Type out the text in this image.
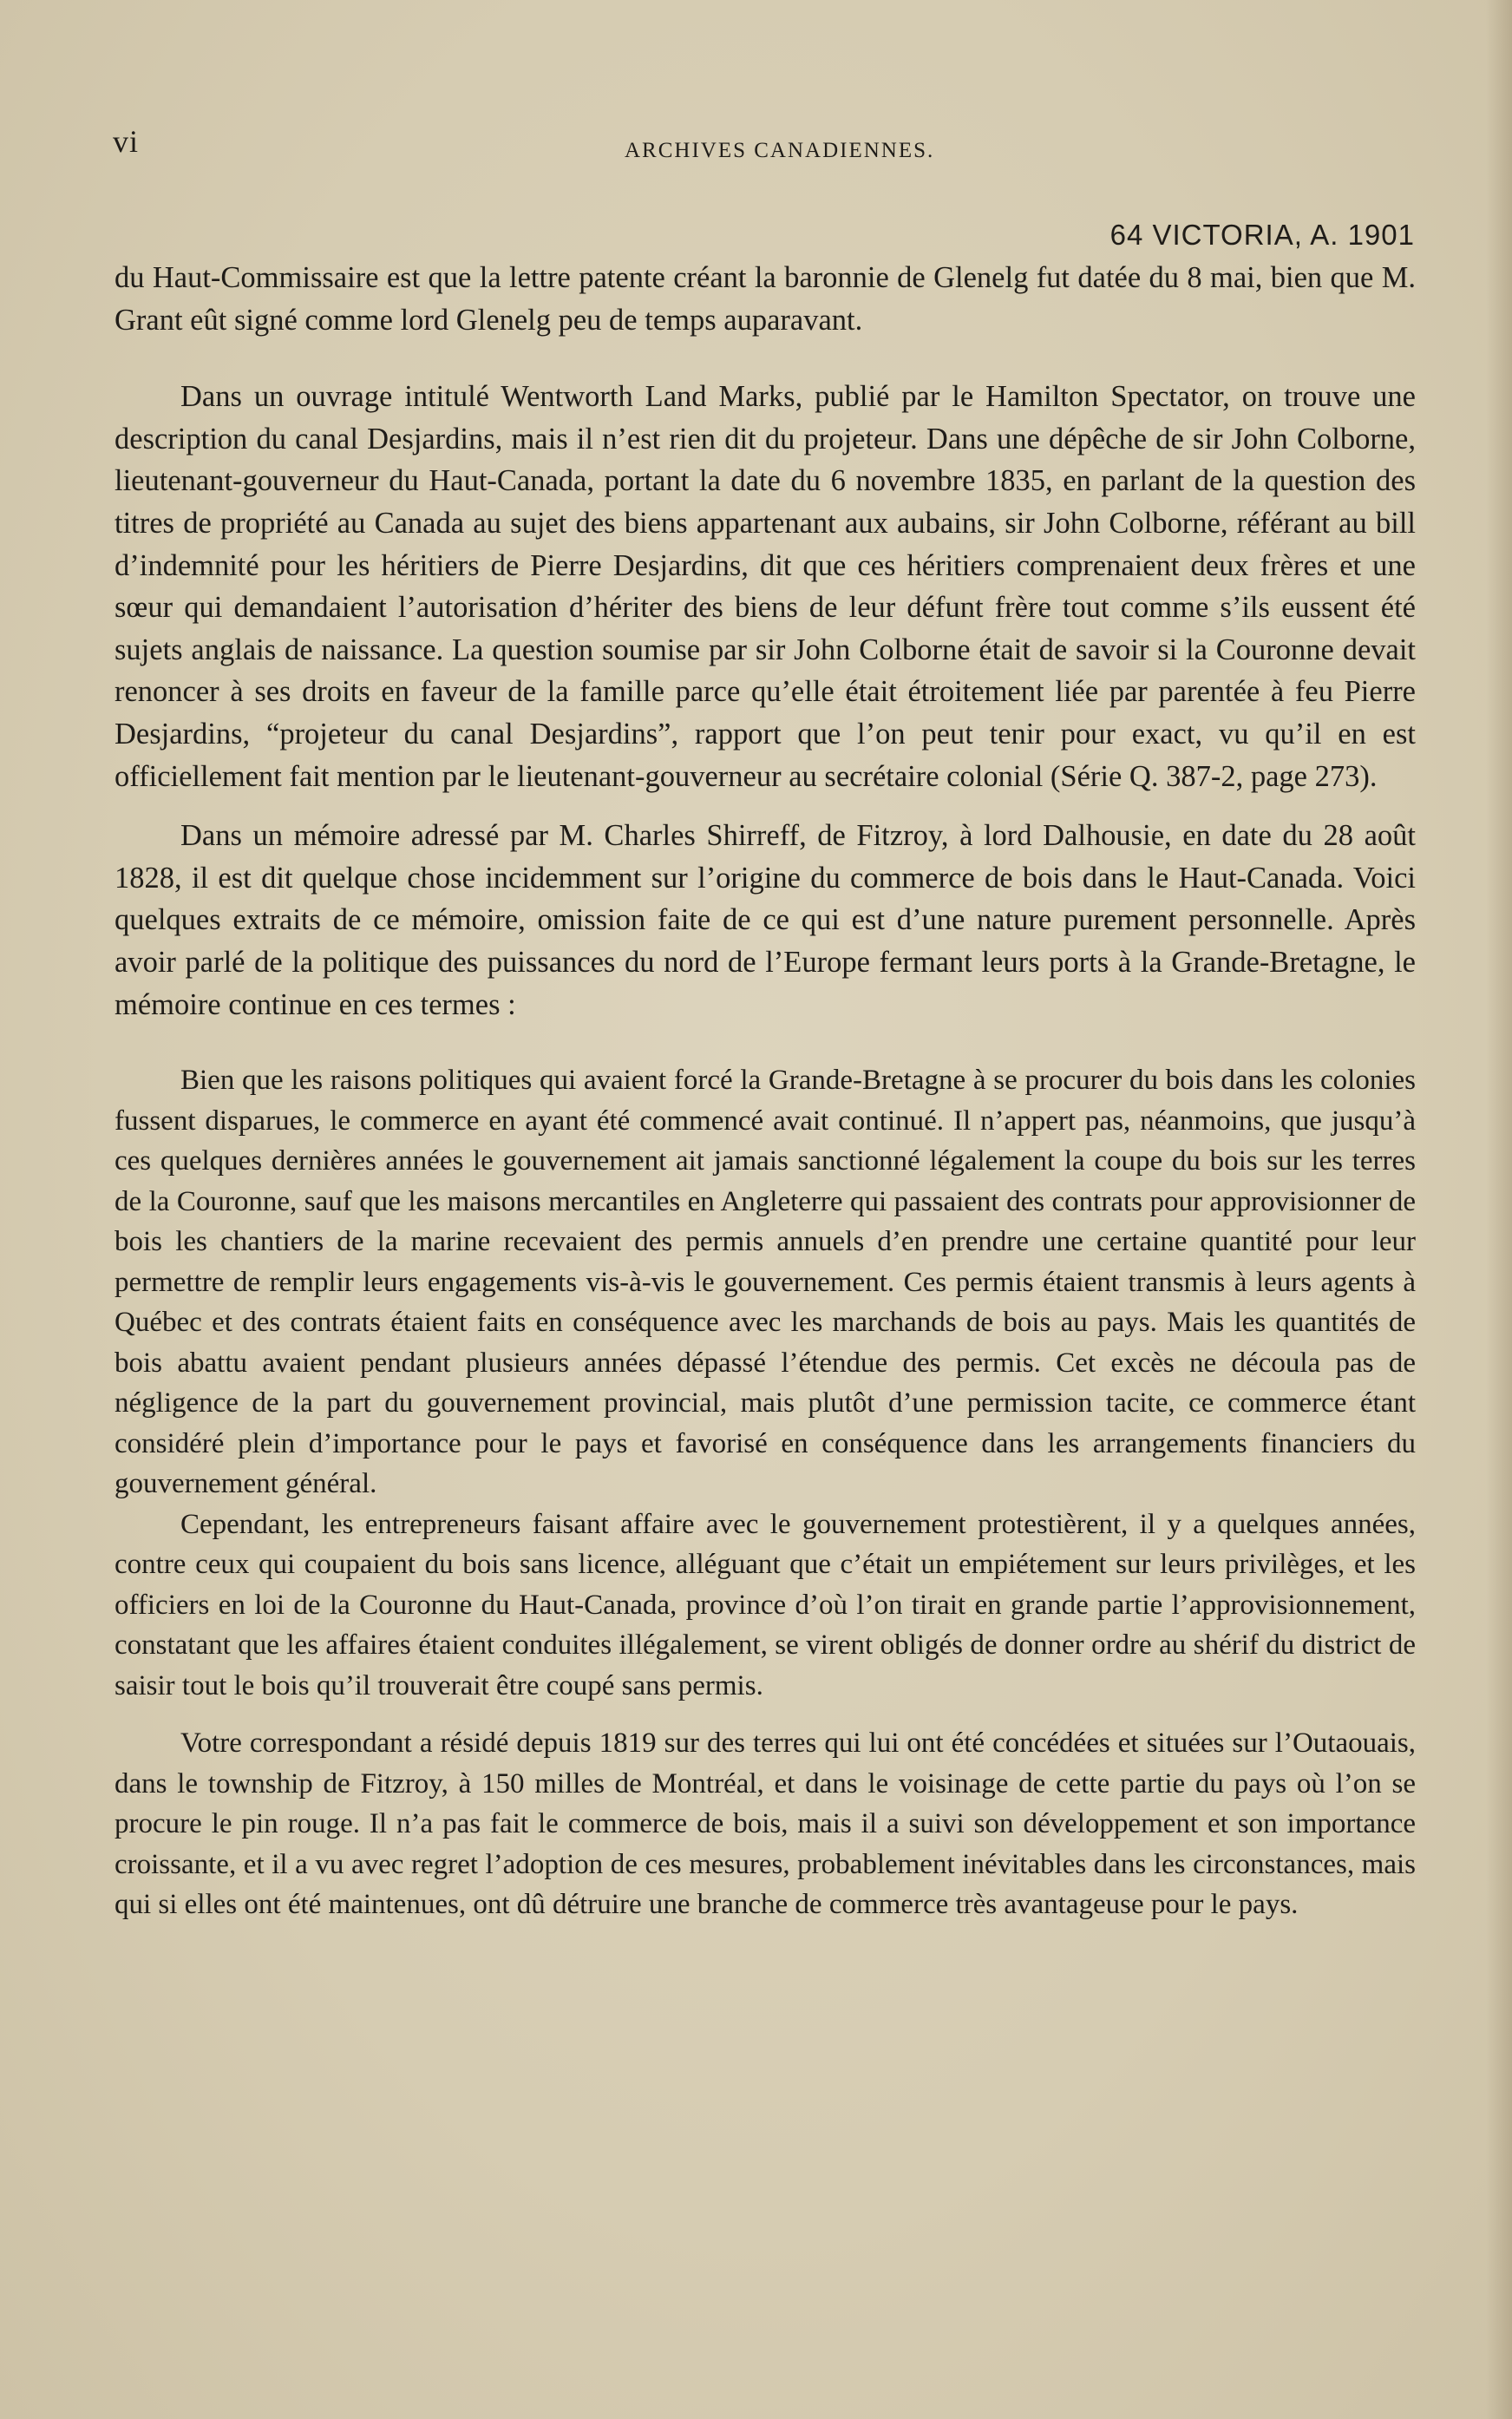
vi	ARCHIVES CANADIENNES.
64 VICTORIA, A. 1901

du Haut-Commissaire est que la lettre patente créant la baronnie de Glenelg fut datée du 8 mai, bien que M. Grant eût signé comme lord Glenelg peu de temps auparavant.

Dans un ouvrage intitulé Wentworth Land Marks, publié par le Hamilton Spectator, on trouve une description du canal Desjardins, mais il n’est rien dit du projeteur. Dans une dépêche de sir John Colborne, lieutenant-gouverneur du Haut-Canada, portant la date du 6 novembre 1835, en parlant de la question des titres de propriété au Canada au sujet des biens appartenant aux aubains, sir John Colborne, référant au bill d’indemnité pour les héritiers de Pierre Desjardins, dit que ces héritiers comprenaient deux frères et une sœur qui demandaient l’autorisation d’hériter des biens de leur défunt frère tout comme s’ils eussent été sujets anglais de naissance. La question soumise par sir John Colborne était de savoir si la Couronne devait renoncer à ses droits en faveur de la famille parce qu’elle était étroitement liée par parentée à feu Pierre Desjardins, “projeteur du canal Desjardins”, rapport que l’on peut tenir pour exact, vu qu’il en est officiellement fait mention par le lieutenant-gouverneur au secrétaire colonial (Série Q. 387-2, page 273).

Dans un mémoire adressé par M. Charles Shirreff, de Fitzroy, à lord Dalhousie, en date du 28 août 1828, il est dit quelque chose incidemment sur l’origine du commerce de bois dans le Haut-Canada. Voici quelques extraits de ce mémoire, omission faite de ce qui est d’une nature purement personnelle. Après avoir parlé de la politique des puissances du nord de l’Europe fermant leurs ports à la Grande-Bretagne, le mémoire continue en ces termes :

Bien que les raisons politiques qui avaient forcé la Grande-Bretagne à se procurer du bois dans les colonies fussent disparues, le commerce en ayant été commencé avait continué. Il n’appert pas, néanmoins, que jusqu’à ces quelques dernières années le gouvernement ait jamais sanctionné légalement la coupe du bois sur les terres de la Couronne, sauf que les maisons mercantiles en Angleterre qui passaient des contrats pour approvisionner de bois les chantiers de la marine recevaient des permis annuels d’en prendre une certaine quantité pour leur permettre de remplir leurs engagements vis-à-vis le gouvernement. Ces permis étaient transmis à leurs agents à Québec et des contrats étaient faits en conséquence avec les marchands de bois au pays. Mais les quantités de bois abattu avaient pendant plusieurs années dépassé l’étendue des permis. Cet excès ne découla pas de négligence de la part du gouvernement provincial, mais plutôt d’une permission tacite, ce commerce étant considéré plein d’importance pour le pays et favorisé en conséquence dans les arrangements financiers du gouvernement général.

Cependant, les entrepreneurs faisant affaire avec le gouvernement protestièrent, il y a quelques années, contre ceux qui coupaient du bois sans licence, alléguant que c’était un empiétement sur leurs privilèges, et les officiers en loi de la Couronne du Haut-Canada, province d’où l’on tirait en grande partie l’approvisionnement, constatant que les affaires étaient conduites illégalement, se virent obligés de donner ordre au shérif du district de saisir tout le bois qu’il trouverait être coupé sans permis.

Votre correspondant a résidé depuis 1819 sur des terres qui lui ont été concédées et situées sur l’Outaouais, dans le township de Fitzroy, à 150 milles de Montréal, et dans le voisinage de cette partie du pays où l’on se procure le pin rouge. Il n’a pas fait le commerce de bois, mais il a suivi son développement et son importance croissante, et il a vu avec regret l’adoption de ces mesures, probablement inévitables dans les circonstances, mais qui si elles ont été maintenues, ont dû détruire une branche de commerce très avantageuse pour le pays.
